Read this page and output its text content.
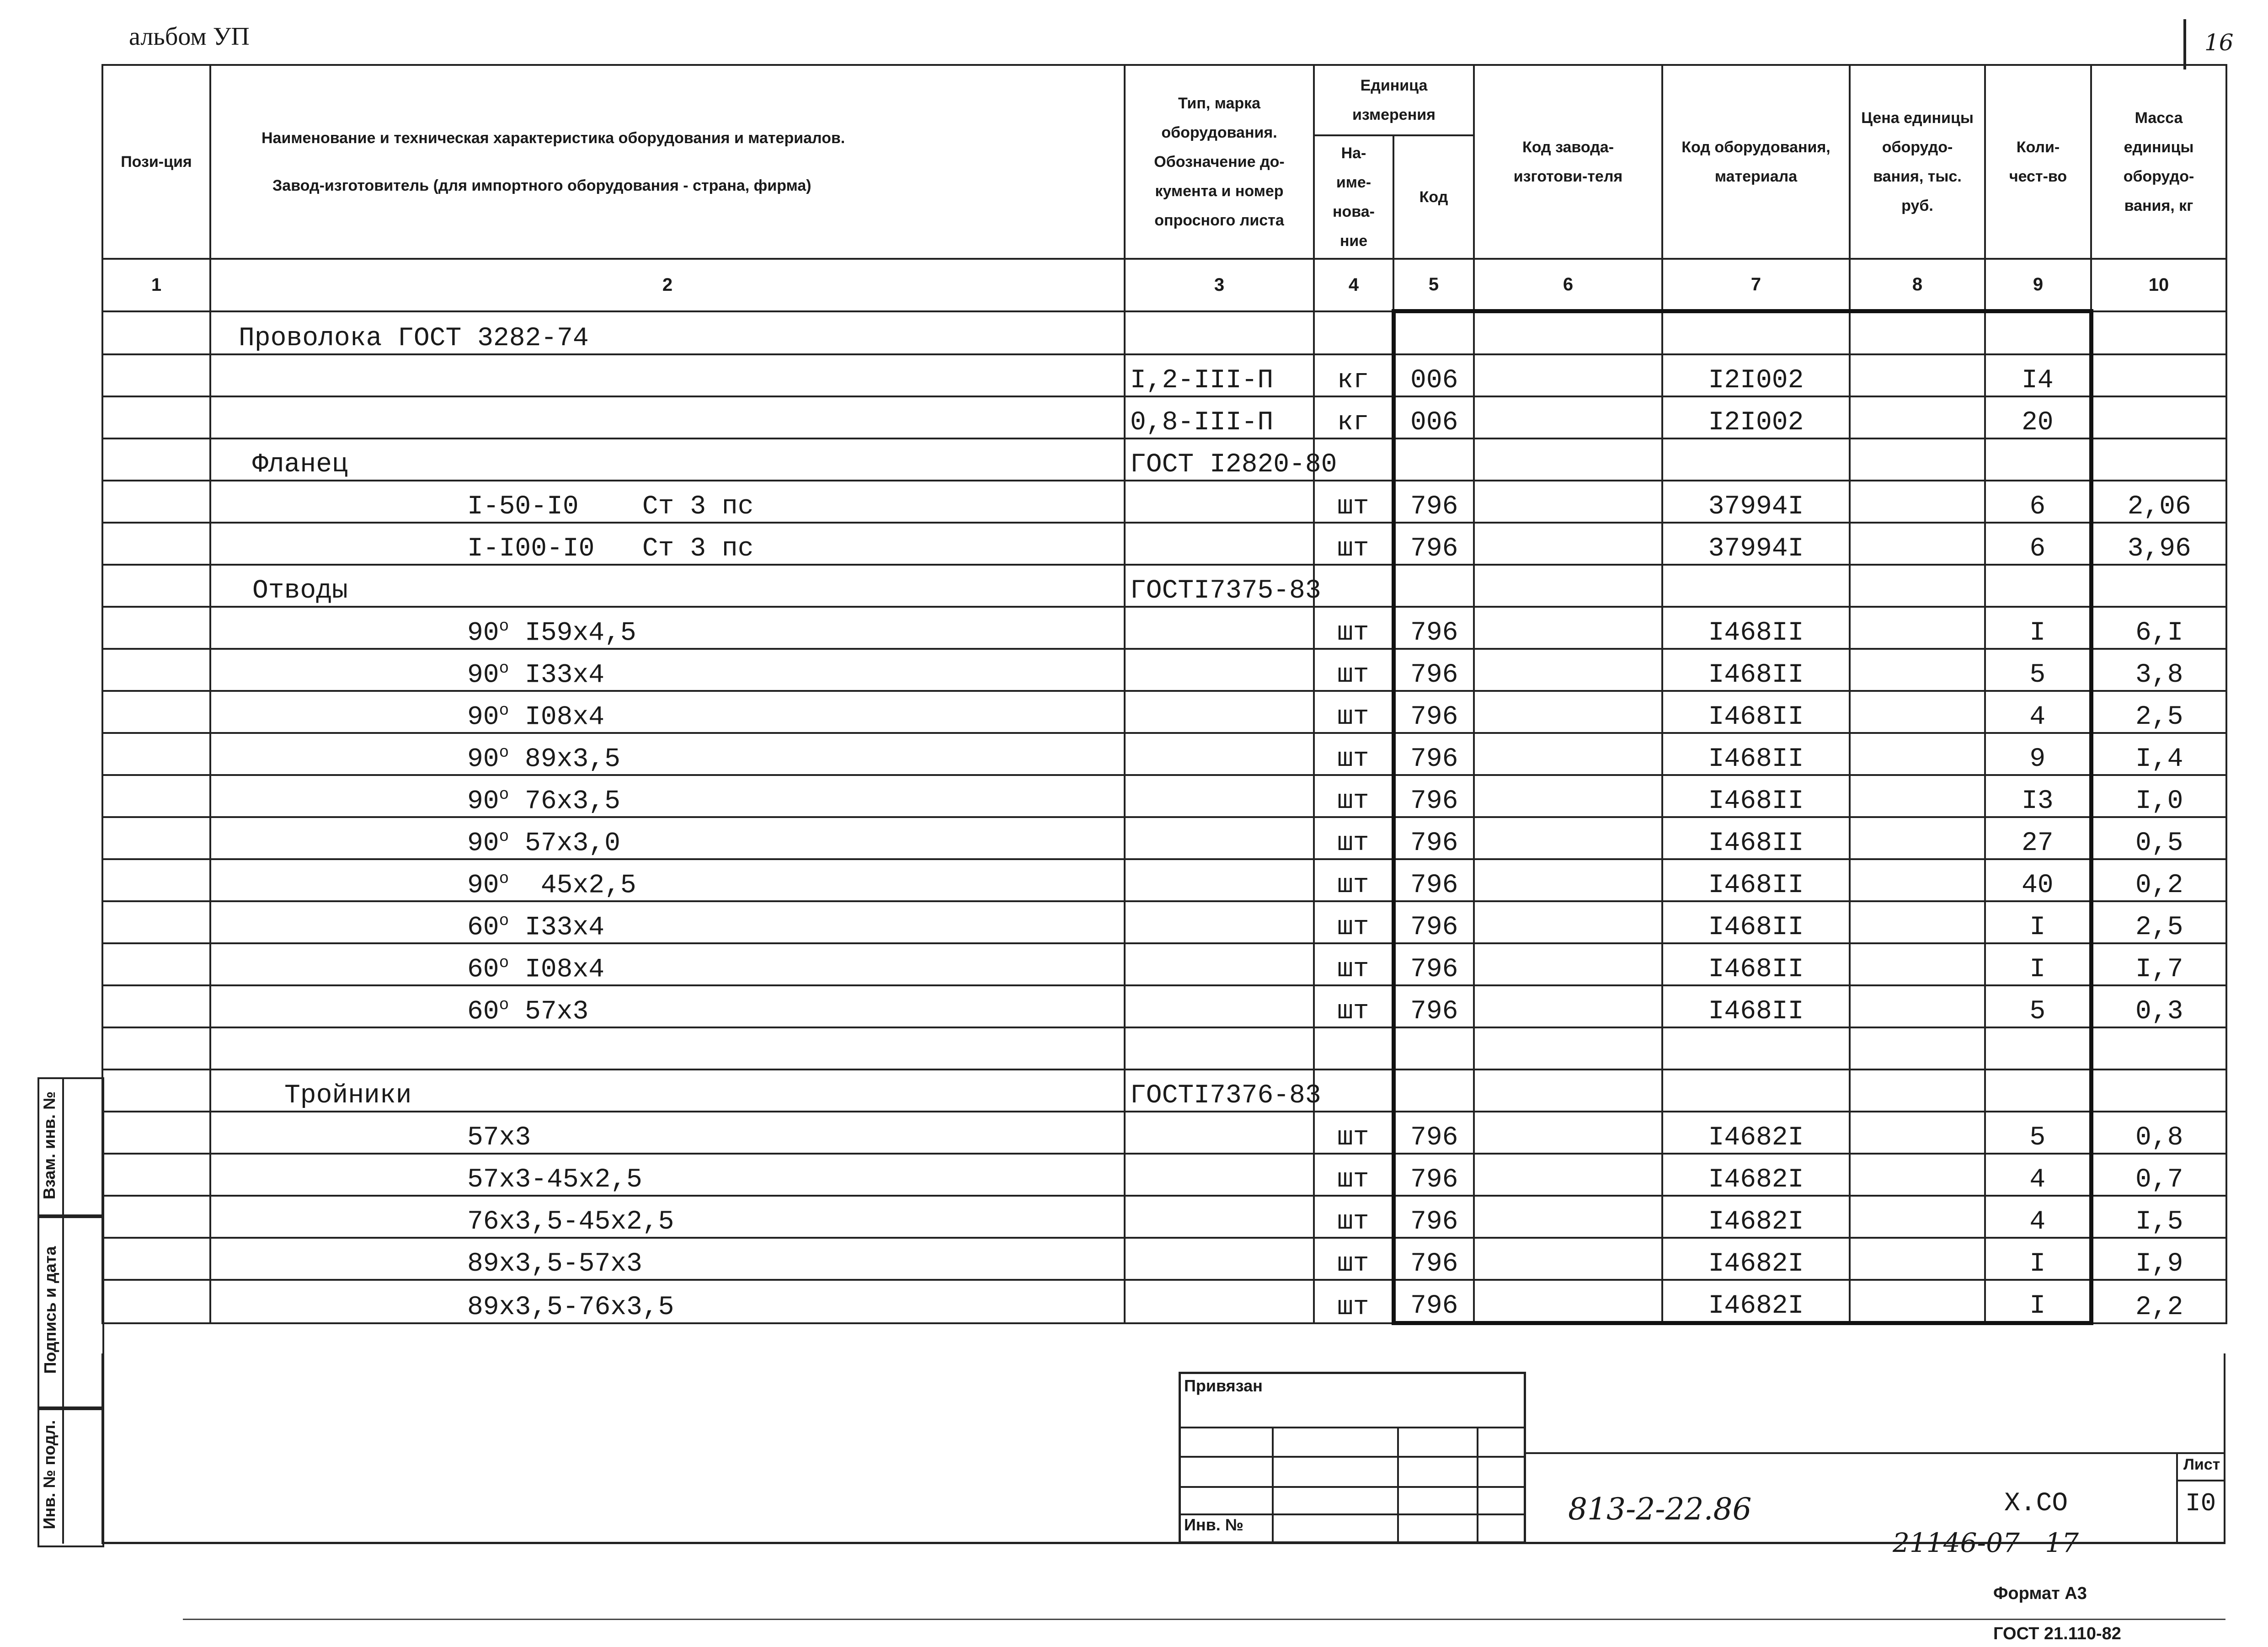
альбом УП	16
Взам. инв. №
Подпись и дата
Инв. № подл.
Пози-ция	Наименование и техническая характеристика оборудования и материалов.
Завод-изготовитель (для импортного оборудования - страна, фирма)	Тип, марка оборудования. Обозначение до-кумента и номер опросного листа	Единица измерения		Код завода-изготови-теля	Код оборудования, материала	Цена единицы оборудо-вания, тыс. руб.	Коли-чест-во	Масса единицы оборудо-вания, кг
			На-име-нова-ние	Код					
1	2	3	4	5	6	7	8	9	10
	Проволока ГОСТ 3282-74								
		I,2-III-П	кг	006		I2I002		I4	
		0,8-III-П	кг	006		I2I002		20	
	Фланец	ГОСТ I2820-80							
	I-50-I0    Ст 3 пс		шт	796		37994I		6	2,06
	I-I00-I0   Ст 3 пс		шт	796		37994I		6	3,96
	Отводы	ГОСТI7375-83							
	90$^o$ I59х4,5		шт	796		I468II		I	6,I
	90$^o$ I33х4		шт	796		I468II		5	3,8
	90$^o$ I08х4		шт	796		I468II		4	2,5
	90$^o$ 89х3,5		шт	796		I468II		9	I,4
	90$^o$ 76х3,5		шт	796		I468II		I3	I,0
	90$^o$ 57х3,0		шт	796		I468II		27	0,5
	90$^o$  45х2,5		шт	796		I468II		40	0,2
	60$^o$ I33х4		шт	796		I468II		I	2,5
	60$^o$ I08х4		шт	796		I468II		I	I,7
	60$^o$ 57х3		шт	796		I468II		5	0,3

	Тройники	ГОСТI7376-83							
	57х3		шт	796		I4682I		5	0,8
	57х3-45х2,5		шт	796		I4682I		4	0,7
	76х3,5-45х2,5		шт	796		I4682I		4	I,5
	89х3,5-57х3		шт	796		I4682I		I	I,9
	89х3,5-76х3,5		шт	796		I4682I		I	2,2
Привязан
Инв. №
Лист
I0
813-2-22.86	X.CO
21146-07   17
Формат А3
ГОСТ 21.110-82
